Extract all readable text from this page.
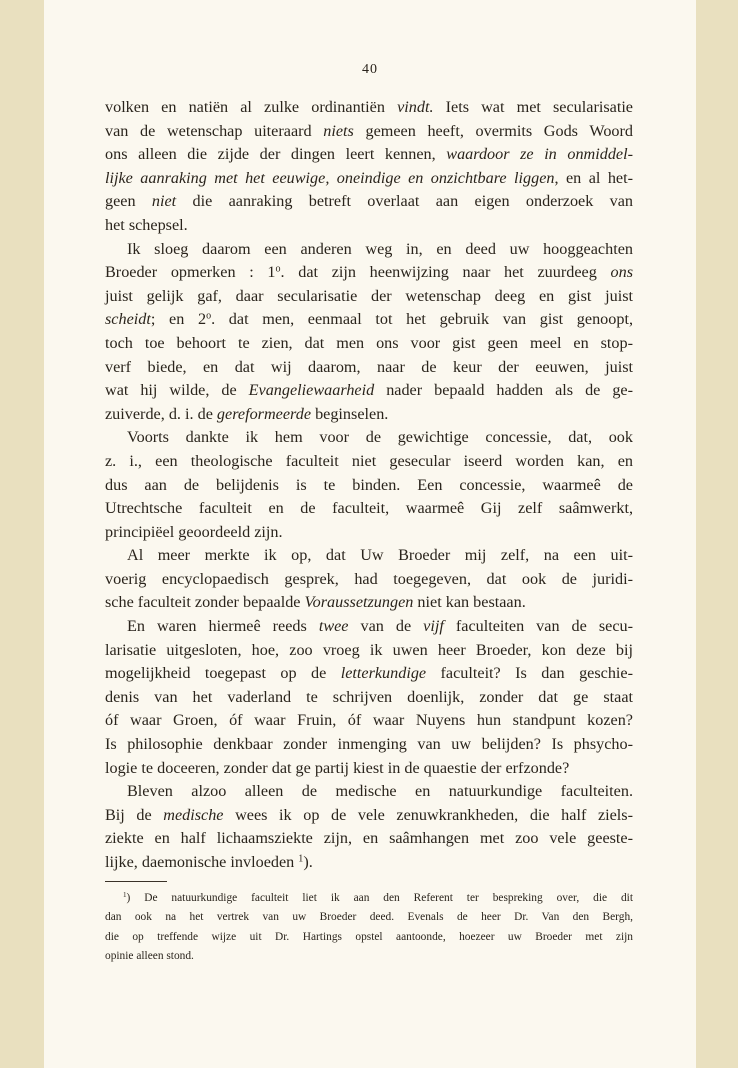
40
volken en natiën al zulke ordinantiën vindt. Iets wat met secularisatie
van de wetenschap uiteraard niets gemeen heeft, overmits Gods Woord
ons alleen die zijde der dingen leert kennen, waardoor ze in onmiddel-
lijke aanraking met het eeuwige, oneindige en onzichtbare liggen, en al het-
geen niet die aanraking betreft overlaat aan eigen onderzoek van
het schepsel.
Ik sloeg daarom een anderen weg in, en deed uw hooggeachten
Broeder opmerken : 1$^o$. dat zijn heenwijzing naar het zuurdeeg ons
juist gelijk gaf, daar secularisatie der wetenschap deeg en gist juist
scheidt; en 2$^o$. dat men, eenmaal tot het gebruik van gist genoopt,
toch toe behoort te zien, dat men ons voor gist geen meel en stop-
verf biede, en dat wij daarom, naar de keur der eeuwen, juist
wat hij wilde, de Evangeliewaarheid nader bepaald hadden als de ge-
zuiverde, d. i. de gereformeerde beginselen.
Voorts dankte ik hem voor de gewichtige concessie, dat, ook
z. i., een theologische faculteit niet gesecular iseerd worden kan, en
dus aan de belijdenis is te binden. Een concessie, waarmeê de
Utrechtsche faculteit en de faculteit, waarmeê Gij zelf saâmwerkt,
principiëel geoordeeld zijn.
Al meer merkte ik op, dat Uw Broeder mij zelf, na een uit-
voerig encyclopaedisch gesprek, had toegegeven, dat ook de juridi-
sche faculteit zonder bepaalde Voraussetzungen niet kan bestaan.
En waren hiermeê reeds twee van de vijf faculteiten van de secu-
larisatie uitgesloten, hoe, zoo vroeg ik uwen heer Broeder, kon deze bij
mogelijkheid toegepast op de letterkundige faculteit? Is dan geschie-
denis van het vaderland te schrijven doenlijk, zonder dat ge staat
óf waar Groen, óf waar Fruin, óf waar Nuyens hun standpunt kozen?
Is philosophie denkbaar zonder inmenging van uw belijden? Is phsycho-
logie te doceeren, zonder dat ge partij kiest in de quaestie der erfzonde?
Bleven alzoo alleen de medische en natuurkundige faculteiten.
Bij de medische wees ik op de vele zenuwkrankheden, die half ziels-
ziekte en half lichaamsziekte zijn, en saâmhangen met zoo vele geeste-
lijke, daemonische invloeden $^1$).
$^1$) De natuurkundige faculteit liet ik aan den Referent ter bespreking over, die dit
dan ook na het vertrek van uw Broeder deed. Evenals de heer Dr. Van den Bergh,
die op treffende wijze uit Dr. Hartings opstel aantoonde, hoezeer uw Broeder met zijn
opinie alleen stond.
